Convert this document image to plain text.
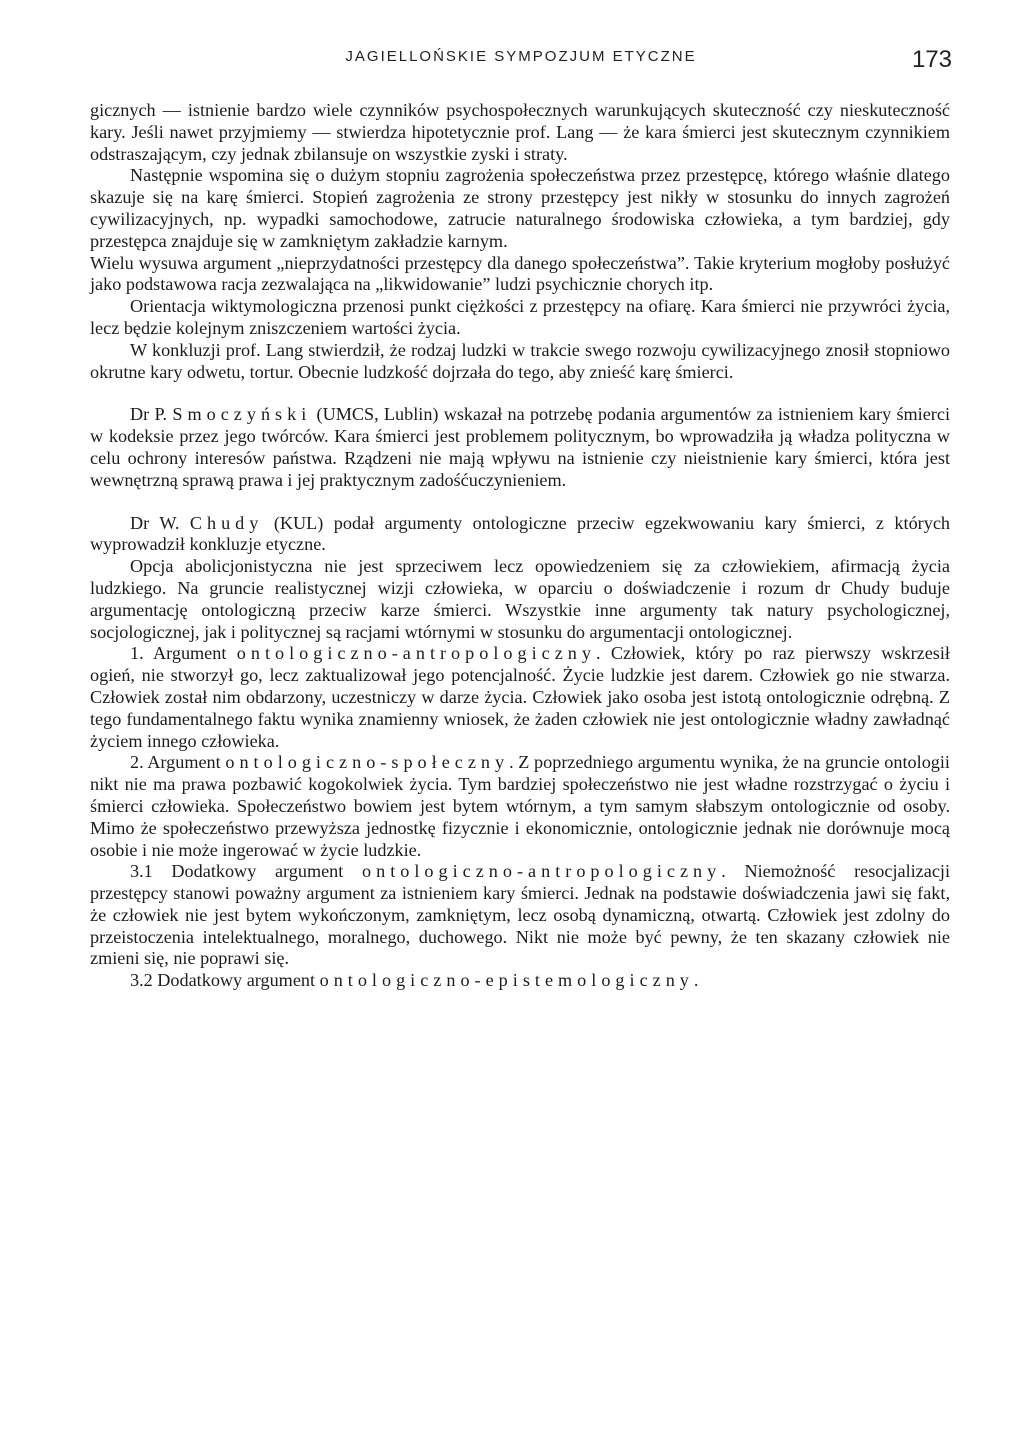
JAGIELLOŃSKIE SYMPOZJUM ETYCZNE	173

gicznych — istnienie bardzo wiele czynników psychospołecznych warunkujących skuteczność czy nieskuteczność kary. Jeśli nawet przyjmiemy — stwierdza hipotetycznie prof. Lang — że kara śmierci jest skutecznym czynnikiem odstraszającym, czy jednak zbilansuje on wszystkie zyski i straty.

Następnie wspomina się o dużym stopniu zagrożenia społeczeństwa przez przestępcę, którego właśnie dlatego skazuje się na karę śmierci. Stopień zagrożenia ze strony przestępcy jest nikły w stosunku do innych zagrożeń cywilizacyjnych, np. wypadki samochodowe, zatrucie naturalnego środowiska człowieka, a tym bardziej, gdy przestępca znajduje się w zamkniętym zakładzie karnym.

Wielu wysuwa argument „nieprzydatności przestępcy dla danego społeczeństwa”. Takie kryterium mogłoby posłużyć jako podstawowa racja zezwalająca na „likwidowanie” ludzi psychicznie chorych itp.

Orientacja wiktymologiczna przenosi punkt ciężkości z przestępcy na ofiarę. Kara śmierci nie przywróci życia, lecz będzie kolejnym zniszczeniem wartości życia.

W konkluzji prof. Lang stwierdził, że rodzaj ludzki w trakcie swego rozwoju cywilizacyjnego znosił stopniowo okrutne kary odwetu, tortur. Obecnie ludzkość dojrzała do tego, aby znieść karę śmierci.

Dr P. Smoczyński (UMCS, Lublin) wskazał na potrzebę podania argumentów za istnieniem kary śmierci w kodeksie przez jego twórców. Kara śmierci jest problemem politycznym, bo wprowadziła ją władza polityczna w celu ochrony interesów państwa. Rządzeni nie mają wpływu na istnienie czy nieistnienie kary śmierci, która jest wewnętrzną sprawą prawa i jej praktycznym zadośćuczynieniem.

Dr W. Chudy (KUL) podał argumenty ontologiczne przeciw egzekwowaniu kary śmierci, z których wyprowadził konkluzje etyczne.

Opcja abolicjonistyczna nie jest sprzeciwem lecz opowiedzeniem się za człowiekiem, afirmacją życia ludzkiego. Na gruncie realistycznej wizji człowieka, w oparciu o doświadczenie i rozum dr Chudy buduje argumentację ontologiczną przeciw karze śmierci. Wszystkie inne argumenty tak natury psychologicznej, socjologicznej, jak i politycznej są racjami wtórnymi w stosunku do argumentacji ontologicznej.

1. Argument ontologiczno-antropologiczny. Człowiek, który po raz pierwszy wskrzesił ogień, nie stworzył go, lecz zaktualizował jego potencjalność. Życie ludzkie jest darem. Człowiek go nie stwarza. Człowiek został nim obdarzony, uczestniczy w darze życia. Człowiek jako osoba jest istotą ontologicznie odrębną. Z tego fundamentalnego faktu wynika znamienny wniosek, że żaden człowiek nie jest ontologicznie władny zawładnąć życiem innego człowieka.

2. Argument ontologiczno-społeczny. Z poprzedniego argumentu wynika, że na gruncie ontologii nikt nie ma prawa pozbawić kogokolwiek życia. Tym bardziej społeczeństwo nie jest władne rozstrzygać o życiu i śmierci człowieka. Społeczeństwo bowiem jest bytem wtórnym, a tym samym słabszym ontologicznie od osoby. Mimo że społeczeństwo przewyższa jednostkę fizycznie i ekonomicznie, ontologicznie jednak nie dorównuje mocą osobie i nie może ingerować w życie ludzkie.

3.1 Dodatkowy argument ontologiczno-antropologiczny. Niemożność resocjalizacji przestępcy stanowi poważny argument za istnieniem kary śmierci. Jednak na podstawie doświadczenia jawi się fakt, że człowiek nie jest bytem wykończonym, zamkniętym, lecz osobą dynamiczną, otwartą. Człowiek jest zdolny do przeistoczenia intelektualnego, moralnego, duchowego. Nikt nie może być pewny, że ten skazany człowiek nie zmieni się, nie poprawi się.

3.2 Dodatkowy argument ontologiczno-epistemologiczny.
